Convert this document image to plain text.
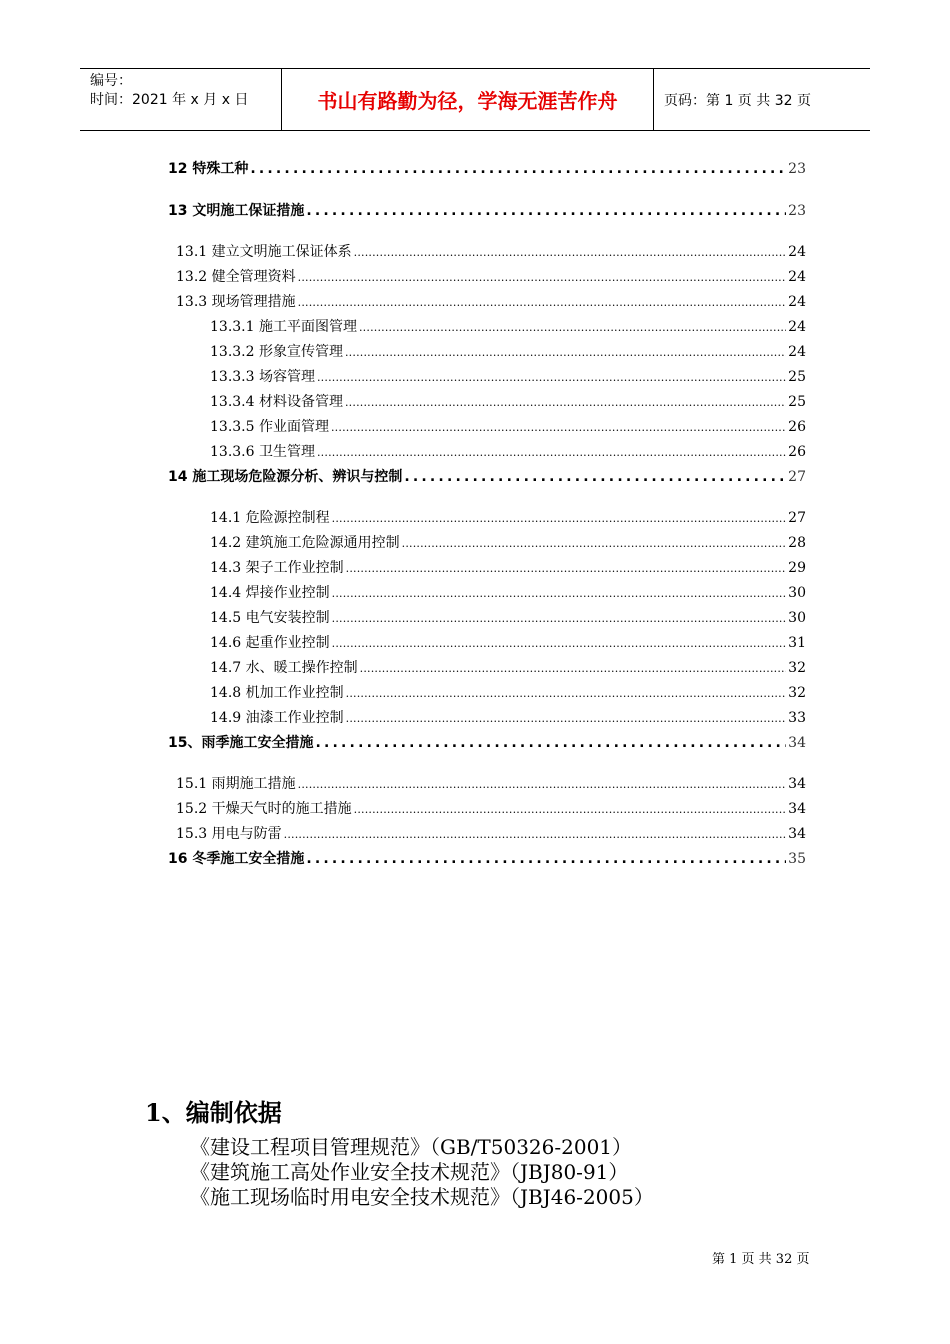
编号：
时间：2021 年 x 月 x 日	书山有路勤为径，学海无涯苦作舟	页码：第 1 页 共 32 页
12 特殊工种 .....	23
13 文明施工保证措施 .....	23
13.1 建立文明施工保证体系 .....	24
13.2 健全管理资料 .....	24
13.3 现场管理措施 .....	24
13.3.1 施工平面图管理 .....	24
13.3.2 形象宣传管理 .....	24
13.3.3 场容管理 .....	25
13.3.4 材料设备管理 .....	25
13.3.5 作业面管理 .....	26
13.3.6 卫生管理 .....	26
14 施工现场危险源分析、辨识与控制 .....	27
14.1 危险源控制程 .....	27
14.2 建筑施工危险源通用控制 .....	28
14.3 架子工作业控制 .....	29
14.4 焊接作业控制 .....	30
14.5 电气安装控制 .....	30
14.6 起重作业控制 .....	31
14.7 水、暖工操作控制 .....	32
14.8 机加工作业控制 .....	32
14.9 油漆工作业控制 .....	33
15、雨季施工安全措施 .....	34
15.1 雨期施工措施 .....	34
15.2 干燥天气时的施工措施 .....	34
15.3 用电与防雷 .....	34
16 冬季施工安全措施 .....	35
1、编制依据
《建设工程项目管理规范》（GB/T50326-2001）
《建筑施工高处作业安全技术规范》（JBJ80-91）
《施工现场临时用电安全技术规范》（JBJ46-2005）
第 1 页 共 32 页
